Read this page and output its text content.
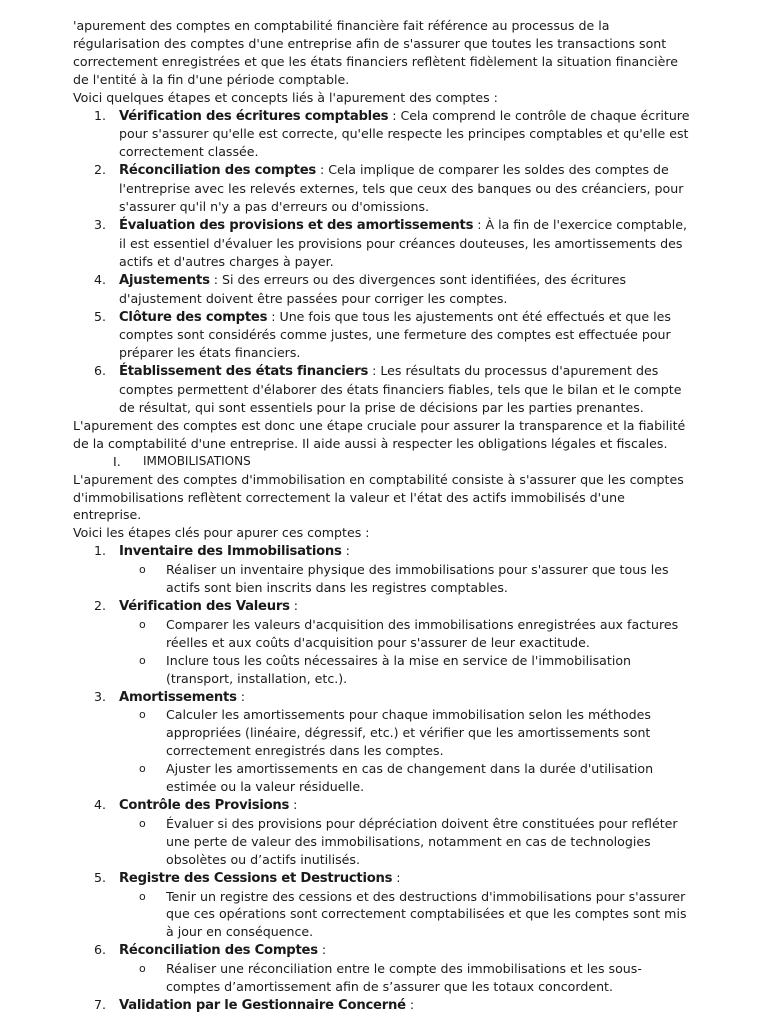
'apurement des comptes en comptabilité financière fait référence au processus de la régularisation des comptes d'une entreprise afin de s'assurer que toutes les transactions sont correctement enregistrées et que les états financiers reflètent fidèlement la situation financière de l'entité à la fin d'une période comptable.

Voici quelques étapes et concepts liés à l'apurement des comptes :

1. Vérification des écritures comptables : Cela comprend le contrôle de chaque écriture pour s'assurer qu'elle est correcte, qu'elle respecte les principes comptables et qu'elle est correctement classée.
2. Réconciliation des comptes : Cela implique de comparer les soldes des comptes de l'entreprise avec les relevés externes, tels que ceux des banques ou des créanciers, pour s'assurer qu'il n'y a pas d'erreurs ou d'omissions.
3. Évaluation des provisions et des amortissements : À la fin de l'exercice comptable, il est essentiel d'évaluer les provisions pour créances douteuses, les amortissements des actifs et d'autres charges à payer.
4. Ajustements : Si des erreurs ou des divergences sont identifiées, des écritures d'ajustement doivent être passées pour corriger les comptes.
5. Clôture des comptes : Une fois que tous les ajustements ont été effectués et que les comptes sont considérés comme justes, une fermeture des comptes est effectuée pour préparer les états financiers.
6. Établissement des états financiers : Les résultats du processus d'apurement des comptes permettent d'élaborer des états financiers fiables, tels que le bilan et le compte de résultat, qui sont essentiels pour la prise de décisions par les parties prenantes.

L'apurement des comptes est donc une étape cruciale pour assurer la transparence et la fiabilité de la comptabilité d'une entreprise. Il aide aussi à respecter les obligations légales et fiscales.

I.	IMMOBILISATIONS

L'apurement des comptes d'immobilisation en comptabilité consiste à s'assurer que les comptes d'immobilisations reflètent correctement la valeur et l'état des actifs immobilisés d'une entreprise.

Voici les étapes clés pour apurer ces comptes :

1. Inventaire des Immobilisations :
o	Réaliser un inventaire physique des immobilisations pour s'assurer que tous les actifs sont bien inscrits dans les registres comptables.
2. Vérification des Valeurs :
o	Comparer les valeurs d'acquisition des immobilisations enregistrées aux factures réelles et aux coûts d'acquisition pour s'assurer de leur exactitude.
o	Inclure tous les coûts nécessaires à la mise en service de l'immobilisation (transport, installation, etc.).
3. Amortissements :
o	Calculer les amortissements pour chaque immobilisation selon les méthodes appropriées (linéaire, dégressif, etc.) et vérifier que les amortissements sont correctement enregistrés dans les comptes.
o	Ajuster les amortissements en cas de changement dans la durée d'utilisation estimée ou la valeur résiduelle.
4. Contrôle des Provisions :
o	Évaluer si des provisions pour dépréciation doivent être constituées pour refléter une perte de valeur des immobilisations, notamment en cas de technologies obsolètes ou d’actifs inutilisés.
5. Registre des Cessions et Destructions :
o	Tenir un registre des cessions et des destructions d'immobilisations pour s'assurer que ces opérations sont correctement comptabilisées et que les comptes sont mis à jour en conséquence.
6. Réconciliation des Comptes :
o	Réaliser une réconciliation entre le compte des immobilisations et les sous-comptes d’amortissement afin de s’assurer que les totaux concordent.
7. Validation par le Gestionnaire Concerné :
